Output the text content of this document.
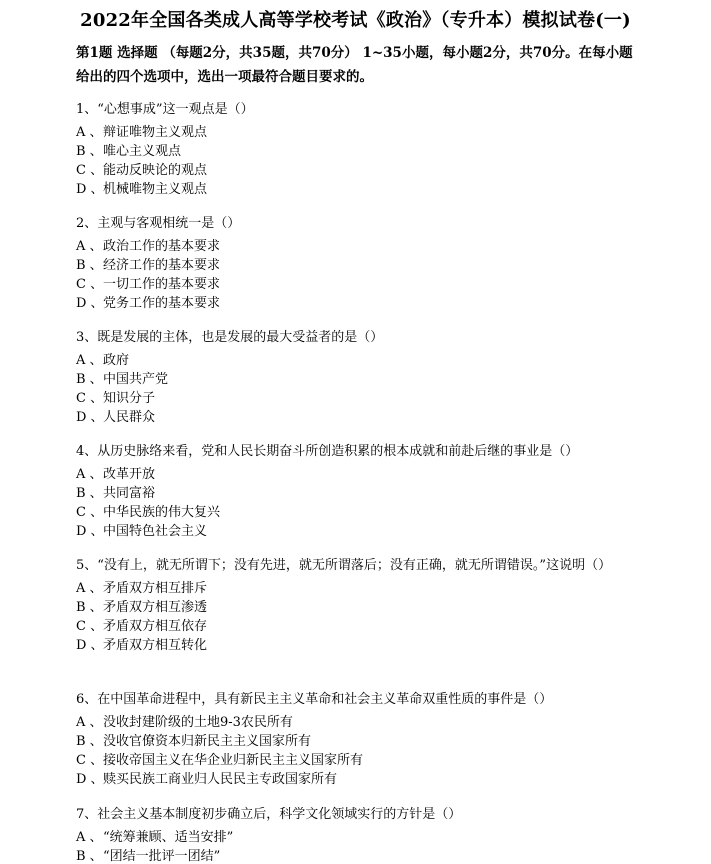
2022年全国各类成人高等学校考试《政治》（专升本）模拟试卷(一)
第1题 选择题 （每题2分，共35题，共70分） 1~35小题，每小题2分，共70分。在每小题给出的四个选项中，选出一项最符合题目要求的。
1、“心想事成”这一观点是（）
A 、辩证唯物主义观点
B 、唯心主义观点
C 、能动反映论的观点
D 、机械唯物主义观点
2、主观与客观相统一是（）
A 、政治工作的基本要求
B 、经济工作的基本要求
C 、一切工作的基本要求
D 、党务工作的基本要求
3、既是发展的主体，也是发展的最大受益者的是（）
A 、政府
B 、中国共产党
C 、知识分子
D 、人民群众
4、从历史脉络来看，党和人民长期奋斗所创造积累的根本成就和前赴后继的事业是（）
A 、改革开放
B 、共同富裕
C 、中华民族的伟大复兴
D 、中国特色社会主义
5、“没有上，就无所谓下；没有先进，就无所谓落后；没有正确，就无所谓错误。”这说明（）
A 、矛盾双方相互排斥
B 、矛盾双方相互渗透
C 、矛盾双方相互依存
D 、矛盾双方相互转化
6、在中国革命进程中，具有新民主主义革命和社会主义革命双重性质的事件是（）
A 、没收封建阶级的土地9-3农民所有
B 、没收官僚资本归新民主主义国家所有
C 、接收帝国主义在华企业归新民主主义国家所有
D 、赎买民族工商业归人民民主专政国家所有
7、社会主义基本制度初步确立后，科学文化领域实行的方针是（）
A 、“统筹兼顾、适当安排”
B 、“团结一批评一团结”
